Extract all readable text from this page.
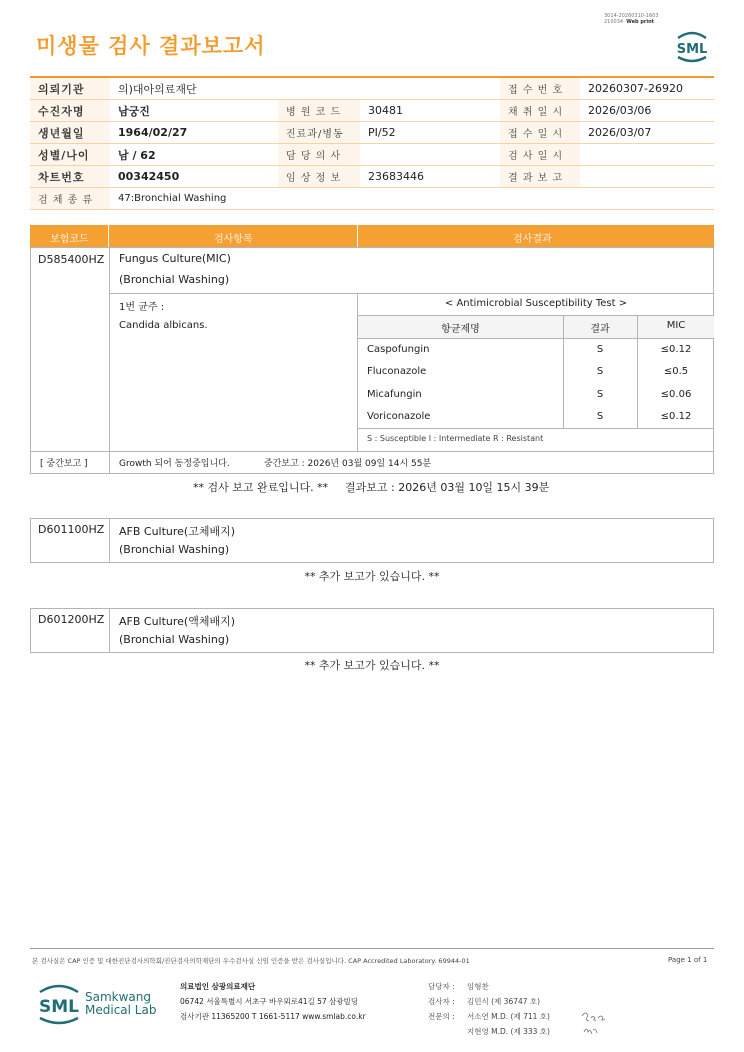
미생물 검사 결과보고서
3014-20260310-1603
210034 Web print
SML
의뢰기관	의)대아의료재단			접 수 번 호	20260307-26920
수진자명	남궁진	병 원 코 드	30481	채 취 일 시	2026/03/06
생년월일	1964/02/27	진료과/병동	PI/52	접 수 일 시	2026/03/07
성별/나이	남 / 62	담 당 의 사		검 사 일 시	
차트번호	00342450	임 상 정 보	23683446	결 과 보 고	
검 체 종 류	47:Bronchial Washing				
보험코드	검사항목	검사결과
D585400HZ Fungus Culture(MIC)
(Bronchial Washing)
1번 균주 :
Candida albicans.
< Antimicrobial Susceptibility Test >
항균제명	결과	MIC
Caspofungin	S	≤0.12
Fluconazole	S	≤0.5
Micafungin	S	≤0.06
Voriconazole	S	≤0.12
S : Susceptible I : Intermediate R : Resistant
[ 중간보고 ]	Growth 되어 동정중입니다.	중간보고 : 2026년 03월 09일 14시 55분
** 검사 보고 완료입니다. ** 결과보고 : 2026년 03월 10일 15시 39분
D601100HZ AFB Culture(고체배지)
(Bronchial Washing)
** 추가 보고가 있습니다. **
D601200HZ AFB Culture(액체배지)
(Bronchial Washing)
** 추가 보고가 있습니다. **
본 검사실은 CAP 인증 및 대한진단검사의학회/진단검사의학재단의 우수검사실 신임 인증을 받은 검사실입니다. CAP Accredited Laboratory. 69944-01	Page 1 of 1
SML Samkwang
Medical Lab
의료법인 삼광의료재단
06742 서울특별시 서초구 바우뫼로41길 57 삼광빌딩
검사기관 11365200 T 1661-5117 www.smlab.co.kr
담당자 : 임형찬
검사자 : 김민식 (제 36747 호)
전문의 : 서소연 M.D. (제 711 호)
지현영 M.D. (제 333 호)
